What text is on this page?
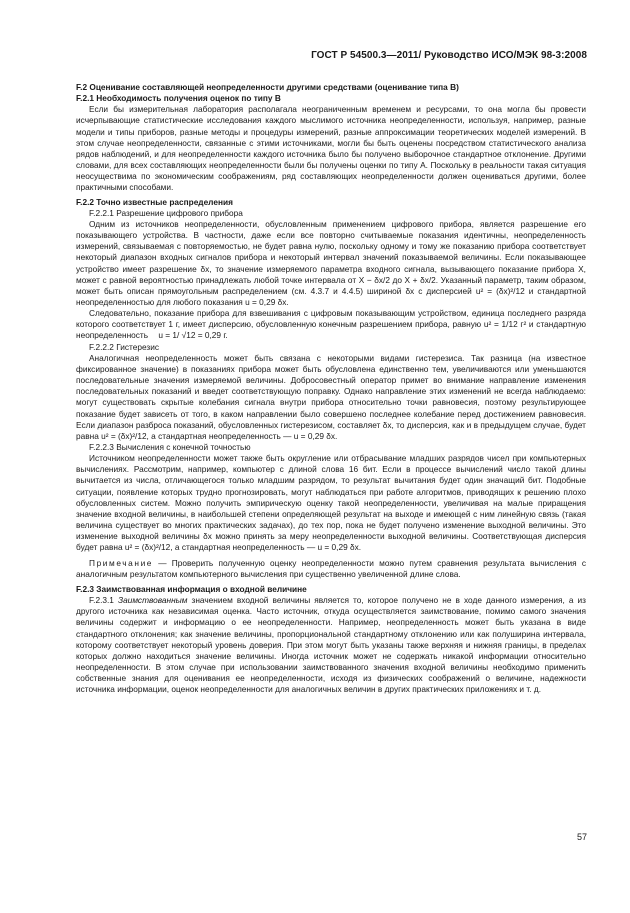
ГОСТ Р 54500.3—2011/ Руководство ИСО/МЭК 98-3:2008

F.2 Оценивание составляющей неопределенности другими средствами (оценивание типа В)

F.2.1 Необходимость получения оценок по типу В

Если бы измерительная лаборатория располагала неограниченным временем и ресурсами, то она могла бы провести исчерпывающие статистические исследования каждого мыслимого источника неопределенности, используя, например, разные модели и типы приборов, разные методы и процедуры измерений, разные аппроксимации теоретических моделей измерений. В этом случае неопределенности, связанные с этими источниками, могли бы быть оценены посредством статистического анализа рядов наблюдений, и для неопределенности каждого источника было бы получено выборочное стандартное отклонение. Другими словами, для всех составляющих неопределенности были бы получены оценки по типу А. Поскольку в реальности такая ситуация неосуществима по экономическим соображениям, ряд составляющих неопределенности должен оцениваться другими, более практичными способами.

F.2.2 Точно известные распределения

F.2.2.1 Разрешение цифрового прибора

Одним из источников неопределенности, обусловленным применением цифрового прибора, является разрешение его показывающего устройства. В частности, даже если все повторно считываемые показания идентичны, неопределенность измерений, связываемая с повторяемостью, не будет равна нулю, поскольку одному и тому же показанию прибора соответствует некоторый диапазон входных сигналов прибора и некоторый интервал значений показываемой величины. Если показывающее устройство имеет разрешение δx, то значение измеряемого параметра входного сигнала, вызывающего показание прибора X, может с равной вероятностью принадлежать любой точке интервала от X − δx/2 до X + δx/2. Указанный параметр, таким образом, может быть описан прямоугольным распределением (см. 4.3.7 и 4.4.5) шириной δx с дисперсией u² = (δx)²/12 и стандартной неопределенностью для любого показания u = 0,29 δx.

Следовательно, показание прибора для взвешивания с цифровым показывающим устройством, единица последнего разряда которого соответствует 1 г, имеет дисперсию, обусловленную конечным разрешением прибора, равную u² = 1/12 г² и стандартную неопределенность u = 1/ √12 = 0,29 г.

F.2.2.2 Гистерезис

Аналогичная неопределенность может быть связана с некоторыми видами гистерезиса. Так разница (на известное фиксированное значение) в показаниях прибора может быть обусловлена единственно тем, увеличиваются или уменьшаются последовательные значения измеряемой величины. Добросовестный оператор примет во внимание направление изменения последовательных показаний и введет соответствующую поправку. Однако направление этих изменений не всегда наблюдаемо: могут существовать скрытые колебания сигнала внутри прибора относительно точки равновесия, поэтому результирующее показание будет зависеть от того, в каком направлении было совершено последнее колебание перед достижением равновесия. Если диапазон разброса показаний, обусловленных гистерезисом, составляет δx, то дисперсия, как и в предыдущем случае, будет равна u² = (δx)²/12, а стандартная неопределенность — u = 0,29 δx.

F.2.2.3 Вычисления с конечной точностью

Источником неопределенности может также быть округление или отбрасывание младших разрядов чисел при компьютерных вычислениях. Рассмотрим, например, компьютер с длиной слова 16 бит. Если в процессе вычислений число такой длины вычитается из числа, отличающегося только младшим разрядом, то результат вычитания будет один значащий бит. Подобные ситуации, появление которых трудно прогнозировать, могут наблюдаться при работе алгоритмов, приводящих к решению плохо обусловленных систем. Можно получить эмпирическую оценку такой неопределенности, увеличивая на малые приращения значение входной величины, в наибольшей степени определяющей результат на выходе и имеющей с ним линейную связь (такая величина существует во многих практических задачах), до тех пор, пока не будет получено изменение выходной величины. Это изменение выходной величины δx можно принять за меру неопределенности выходной величины. Соответствующая дисперсия будет равна u² = (δx)²/12, а стандартная неопределенность — u = 0,29 δx.

Примечание — Проверить полученную оценку неопределенности можно путем сравнения результата вычисления с аналогичным результатом компьютерного вычисления при существенно увеличенной длине слова.

F.2.3 Заимствованная информация о входной величине

F.2.3.1 Заимствованным значением входной величины является то, которое получено не в ходе данного измерения, а из другого источника как независимая оценка. Часто источник, откуда осуществляется заимствование, помимо самого значения величины содержит и информацию о ее неопределенности. Например, неопределенность может быть указана в виде стандартного отклонения; как значение величины, пропорциональной стандартному отклонению или как полуширина интервала, которому соответствует некоторый уровень доверия. При этом могут быть указаны также верхняя и нижняя границы, в пределах которых должно находиться значение величины. Иногда источник может не содержать никакой информации относительно неопределенности. В этом случае при использовании заимствованного значения входной величины необходимо применить собственные знания для оценивания ее неопределенности, исходя из физических соображений о величине, надежности источника информации, оценок неопределенности для аналогичных величин в других практических приложениях и т. д.

57
